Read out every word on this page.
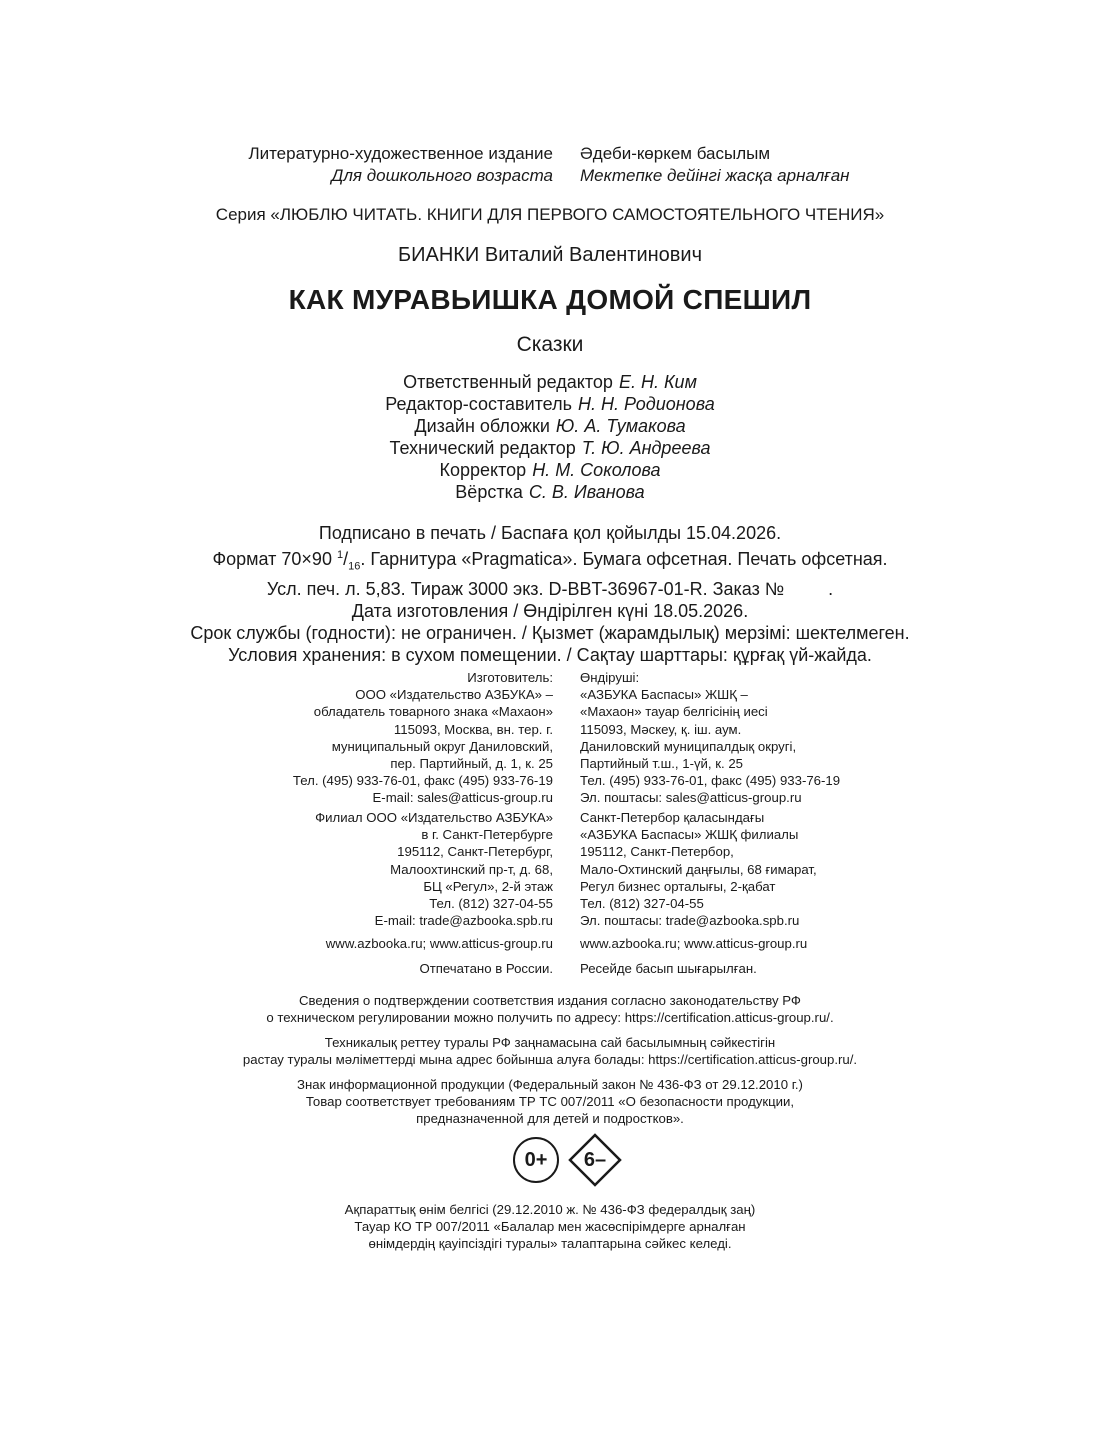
Литературно-художественное издание
Для дошкольного возраста
Әдеби-көркем басылым
Мектепке дейінгі жасқа арналған
Серия «ЛЮБЛЮ ЧИТАТЬ. КНИГИ ДЛЯ ПЕРВОГО САМОСТОЯТЕЛЬНОГО ЧТЕНИЯ»
БИАНКИ Виталий Валентинович
КАК МУРАВЬИШКА ДОМОЙ СПЕШИЛ
Сказки
Ответственный редактор Е. Н. Ким
Редактор-составитель Н. Н. Родионова
Дизайн обложки Ю. А. Тумакова
Технический редактор Т. Ю. Андреева
Корректор Н. М. Соколова
Вёрстка С. В. Иванова
Подписано в печать / Баспаға қол қойылды 15.04.2026.
Формат 70×90 $^1/_{16}$. Гарнитура «Pragmatica». Бумага офсетная. Печать офсетная.
Усл. печ. л. 5,83. Тираж 3000 экз. D-BBT-36967-01-R. Заказ № .
Дата изготовления / Өндірілген күні 18.05.2026.
Срок службы (годности): не ограничен. / Қызмет (жарамдылық) мерзімі: шектелмеген.
Условия хранения: в сухом помещении. / Сақтау шарттары: құрғақ үй-жайда.
Изготовитель:
ООО «Издательство АЗБУКА» –
обладатель товарного знака «Махаон»
115093, Москва, вн. тер. г.
муниципальный округ Даниловский,
пер. Партийный, д. 1, к. 25
Тел. (495) 933-76-01, факс (495) 933-76-19
E-mail: sales@atticus-group.ru
Өндіруші:
«АЗБУКА Баспасы» ЖШҚ –
«Махаон» тауар белгісінің иесі
115093, Мәскеу, қ. іш. аум.
Даниловский муниципалдық округі,
Партийный т.ш., 1-үй, к. 25
Тел. (495) 933-76-01, факс (495) 933-76-19
Эл. поштасы: sales@atticus-group.ru
Филиал ООО «Издательство АЗБУКА»
в г. Санкт-Петербурге
195112, Санкт-Петербург,
Малоохтинский пр-т, д. 68,
БЦ «Регул», 2-й этаж
Тел. (812) 327-04-55
E-mail: trade@azbooka.spb.ru
Санкт-Петербор қаласындағы
«АЗБУКА Баспасы» ЖШҚ филиалы
195112, Санкт-Петербор,
Мало-Охтинский даңғылы, 68 ғимарат,
Регул бизнес орталығы, 2-қабат
Тел. (812) 327-04-55
Эл. поштасы: trade@azbooka.spb.ru
www.azbooka.ru; www.atticus-group.ru www.azbooka.ru; www.atticus-group.ru
Отпечатано в России. Ресейде басып шығарылған.
Сведения о подтверждении соответствия издания согласно законодательству РФ
о техническом регулировании можно получить по адресу: https://certification.atticus-group.ru/.
Техникалық реттеу туралы РФ заңнамасына сай басылымның сәйкестігін
растау туралы мәліметтерді мына адрес бойынша алуға болады: https://certification.atticus-group.ru/.
Знак информационной продукции (Федеральный закон № 436-ФЗ от 29.12.2010 г.)
Товар соответствует требованиям ТР ТС 007/2011 «О безопасности продукции,
предназначенной для детей и подростков».
0+ 6–
Ақпараттық өнім белгісі (29.12.2010 ж. № 436-ФЗ федералдық заң)
Тауар КО ТР 007/2011 «Балалар мен жасөспірімдерге арналған
өнімдердің қауіпсіздігі туралы» талаптарына сәйкес келеді.
